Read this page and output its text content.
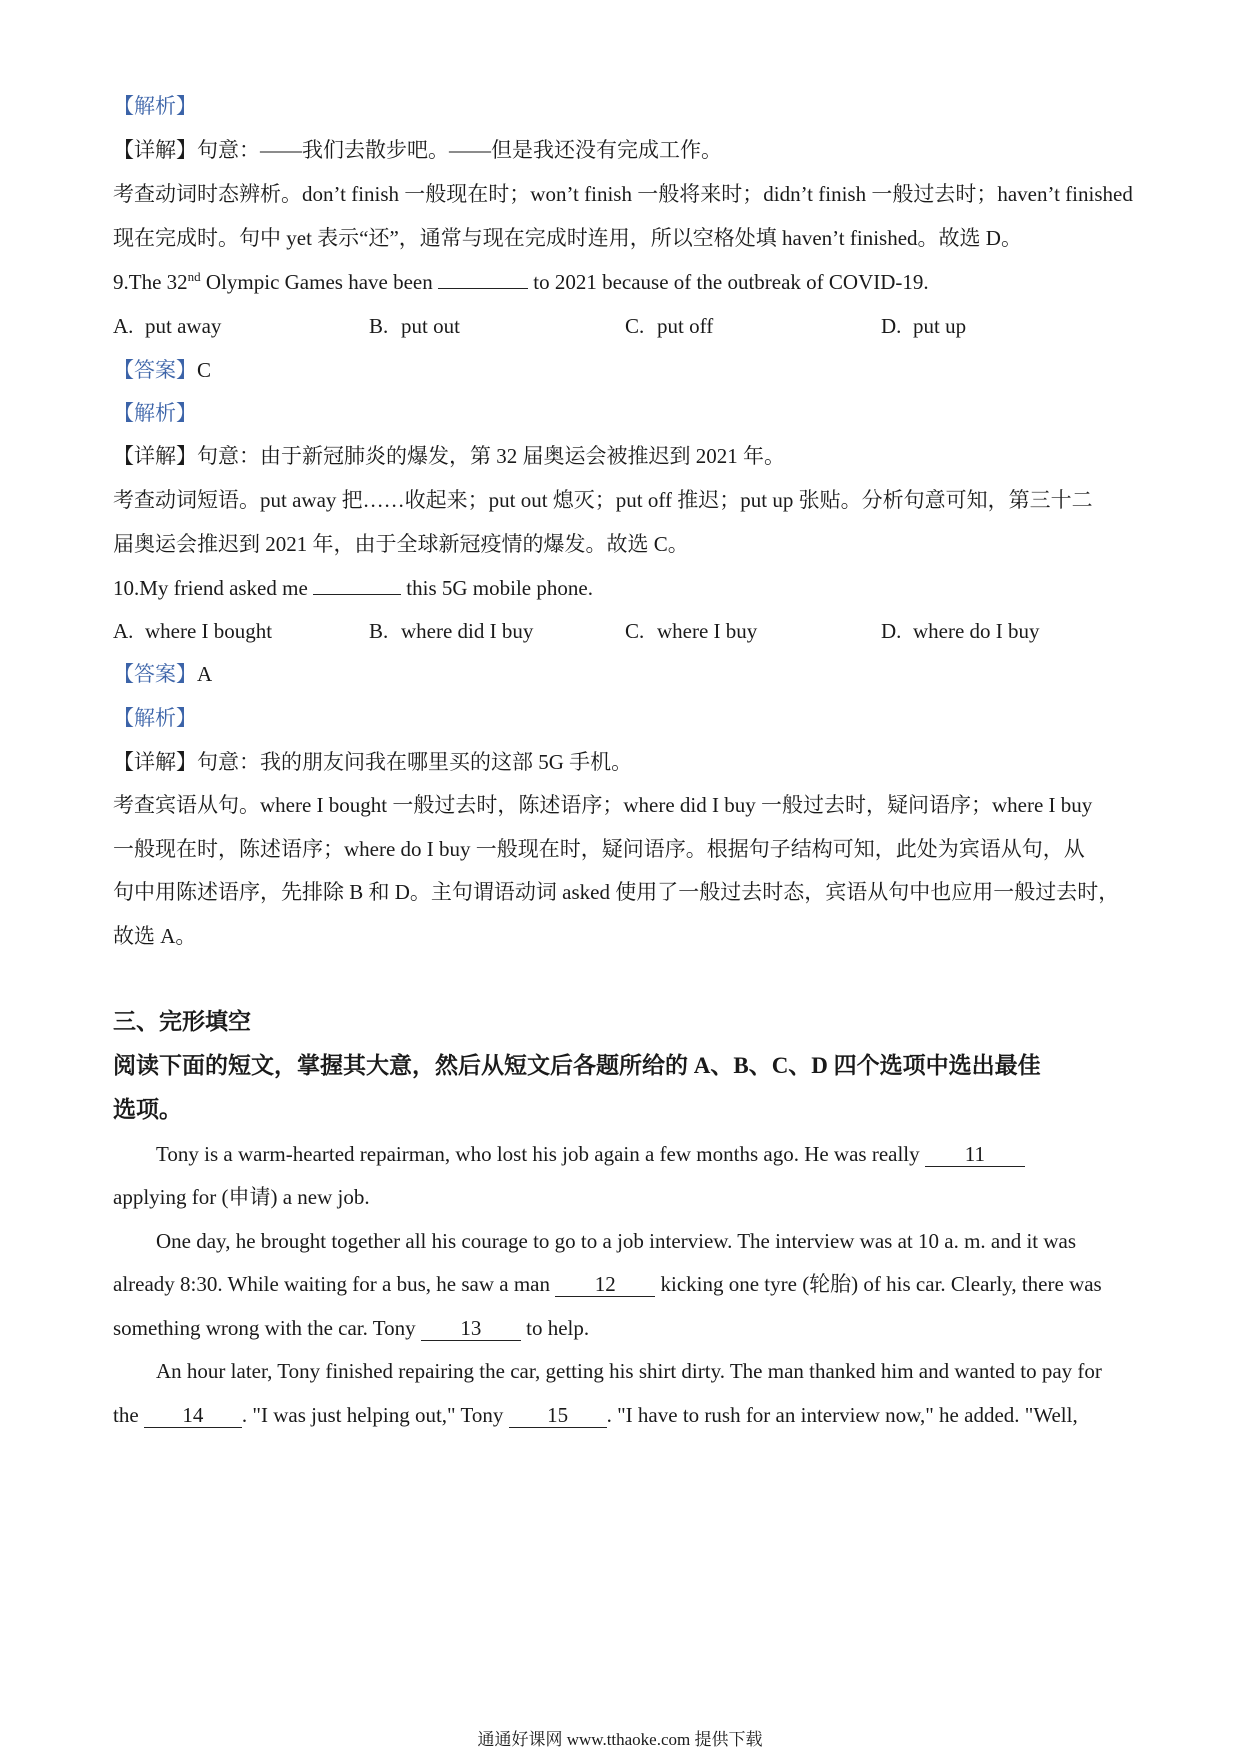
【解析】
【详解】句意：——我们去散步吧。——但是我还没有完成工作。
考查动词时态辨析。don’t finish 一般现在时；won’t finish 一般将来时；didn’t finish 一般过去时；haven’t finished
现在完成时。句中 yet 表示“还”，通常与现在完成时连用，所以空格处填 haven’t finished。故选 D。
9.The 32nd Olympic Games have been	to 2021 because of the outbreak of COVID-19.
A. put away	B. put out	C. put off	D. put up
【答案】C
【解析】
【详解】句意：由于新冠肺炎的爆发，第 32 届奥运会被推迟到 2021 年。
考查动词短语。put away 把……收起来；put out 熄灭；put off 推迟；put up 张贴。分析句意可知，第三十二
届奥运会推迟到 2021 年，由于全球新冠疫情的爆发。故选 C。
10.My friend asked me	this 5G mobile phone.
A. where I bought	B. where did I buy	C. where I buy	D. where do I buy
【答案】A
【解析】
【详解】句意：我的朋友问我在哪里买的这部 5G 手机。
考查宾语从句。where I bought 一般过去时，陈述语序；where did I buy 一般过去时，疑问语序；where I buy
一般现在时，陈述语序；where do I buy 一般现在时，疑问语序。根据句子结构可知，此处为宾语从句，从
句中用陈述语序，先排除 B 和 D。主句谓语动词 asked 使用了一般过去时态，宾语从句中也应用一般过去时，
故选 A。
三、完形填空
阅读下面的短文，掌握其大意，然后从短文后各题所给的 A、B、C、D 四个选项中选出最佳
选项。
Tony is a warm-hearted repairman, who lost his job again a few months ago. He was really 11
applying for (申请) a new job.
One day, he brought together all his courage to go to a job interview. The interview was at 10 a. m. and it was
already 8:30. While waiting for a bus, he saw a man 12 kicking one tyre (轮胎) of his car. Clearly, there was
something wrong with the car. Tony 13 to help.
An hour later, Tony finished repairing the car, getting his shirt dirty. The man thanked him and wanted to pay for
the 14 . "I was just helping out," Tony 15 . "I have to rush for an interview now," he added. "Well,
通通好课网 www.tthaoke.com 提供下载
